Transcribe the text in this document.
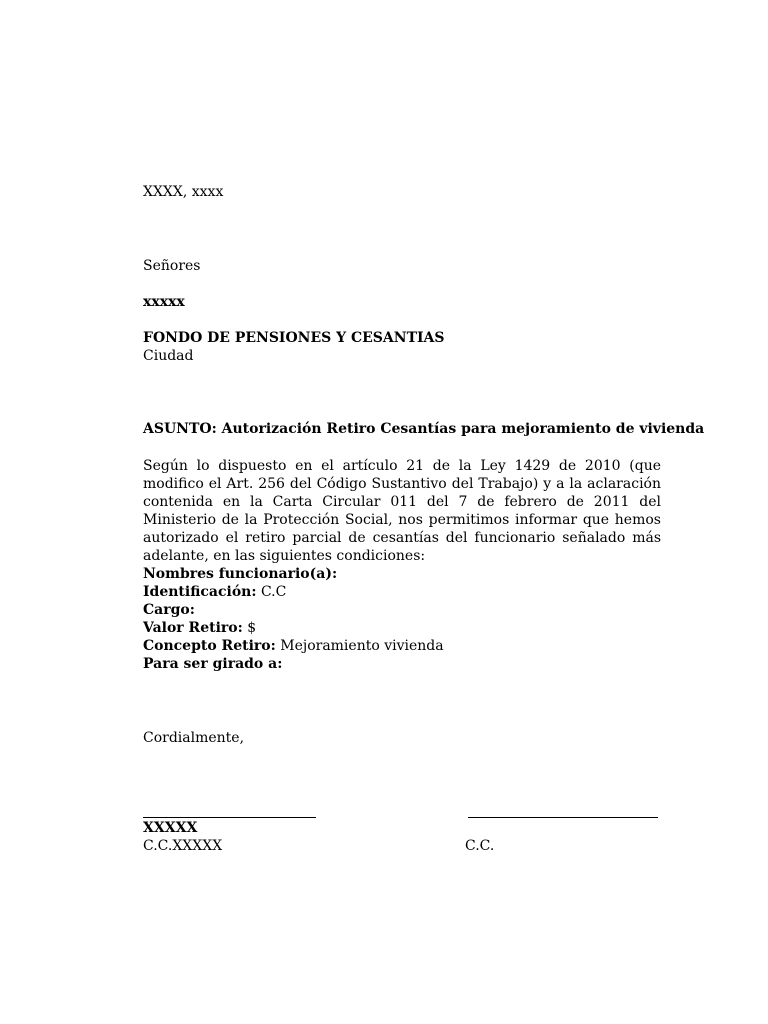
XXXX, xxxx
Señores
xxxxx
FONDO DE PENSIONES Y CESANTIAS
Ciudad
ASUNTO: Autorización Retiro Cesantías para mejoramiento de vivienda
Según lo dispuesto en el artículo 21 de la Ley 1429 de 2010 (que modifico el Art. 256 del Código Sustantivo del Trabajo) y a la aclaración contenida en la Carta Circular 011 del 7 de febrero de 2011 del Ministerio de la Protección Social, nos permitimos informar que hemos autorizado el retiro parcial de cesantías del funcionario señalado más adelante, en las siguientes condiciones:
Nombres funcionario(a):
Identificación: C.C
Cargo:
Valor Retiro: $
Concepto Retiro: Mejoramiento vivienda
Para ser girado a:
Cordialmente,
XXXXX
C.C.XXXXX	C.C.
